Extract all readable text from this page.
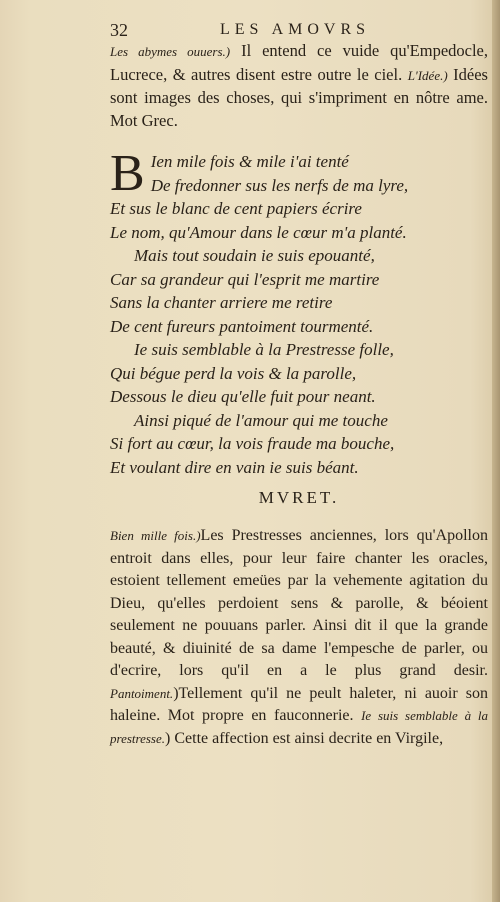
32	LES AMOVRS
Les abymes ouuers.) Il entend ce vuide qu'Empedocle, Lucrece, & autres disent estre outre le ciel. L'Idée.) Idées sont images des choses, qui s'impriment en nôtre ame. Mot Grec.
B Ien mile fois & mile i'ai tenté
De fredonner sus les nerfs de ma lyre,
Et sus le blanc de cent papiers écrire
Le nom, qu'Amour dans le cœur m'a planté.
Mais tout soudain ie suis epouanté,
Car sa grandeur qui l'esprit me martire
Sans la chanter arriere me retire
De cent fureurs pantoiment tourmenté.
Ie suis semblable à la Prestresse folle,
Qui bégue perd la vois & la parolle,
Dessous le dieu qu'elle fuit pour neant.
Ainsi piqué de l'amour qui me touche
Si fort au cœur, la vois fraude ma bouche,
Et voulant dire en vain ie suis béant.
MVRET.
Bien mille fois.)Les Prestresses anciennes, lors qu'Apollon entroit dans elles, pour leur faire chanter les oracles, estoient tellement emeües par la vehemente agitation du Dieu, qu'elles perdoient sens & parolle, & béoient seulement ne pouuans parler. Ainsi dit il que la grande beauté, & diuinité de sa dame l'empesche de parler, ou d'ecrire, lors qu'il en a le plus grand desir. Pantoiment.)Tellement qu'il ne peult haleter, ni auoir son haleine. Mot propre en fauconnerie. Ie suis semblable à la prestresse.) Cette affection est ainsi decrite en Virgile,
